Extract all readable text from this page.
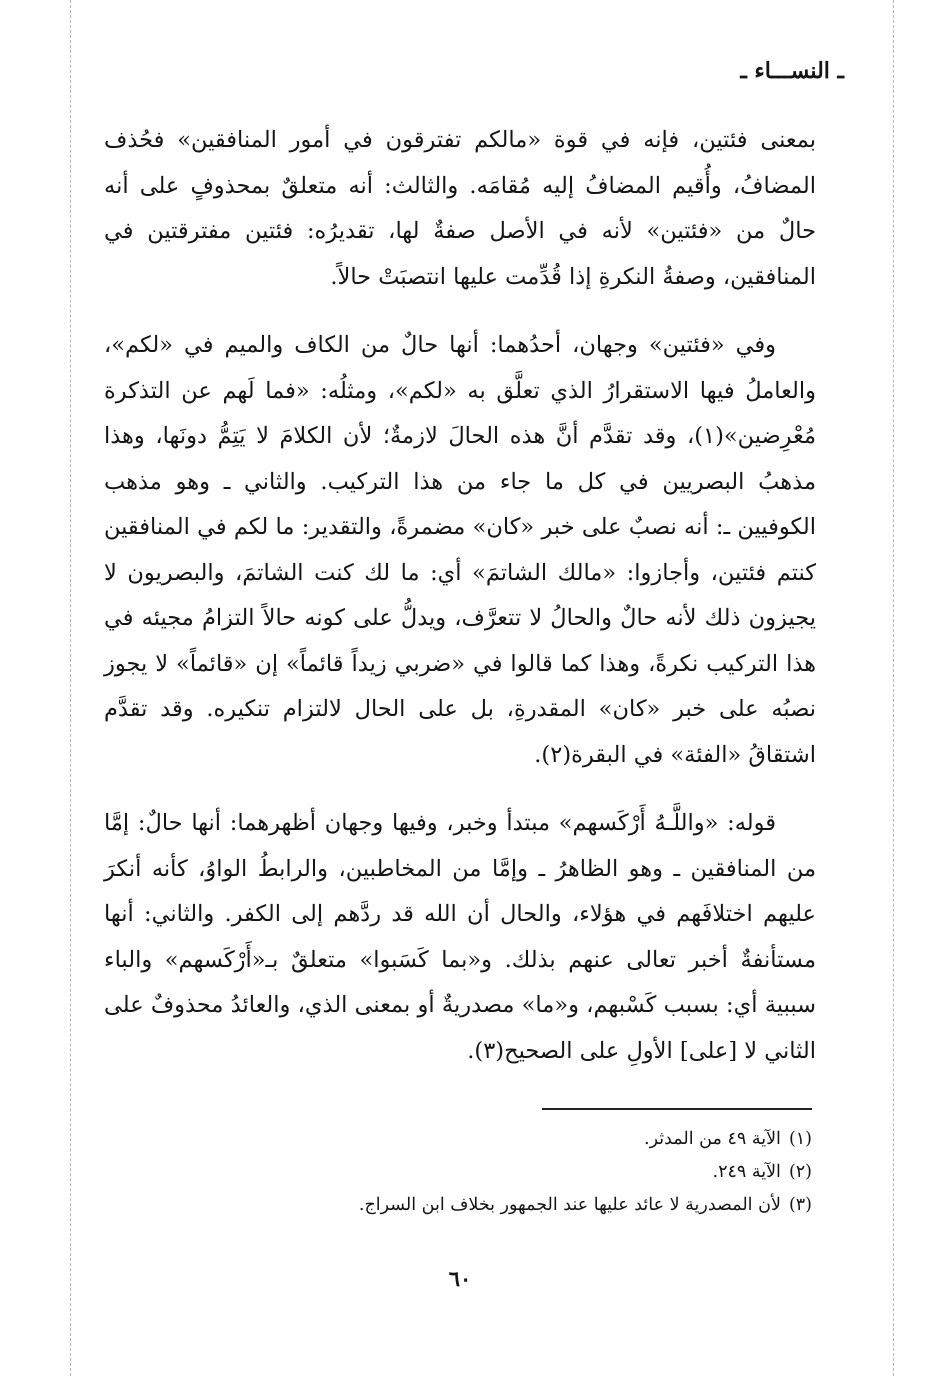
ـ النســـاء ـ

بمعنى فئتين، فإنه في قوة «مالكم تفترقون في أمور المنافقين» فحُذف المضافُ، وأُقيم المضافُ إليه مُقامَه. والثالث: أنه متعلقٌ بمحذوفٍ على أنه حالٌ من «فئتين» لأنه في الأصل صفةٌ لها، تقديرُه: فئتين مفترقتين في المنافقين، وصفةُ النكرةِ إذا قُدِّمت عليها انتصبَتْ حالاً.

وفي «فئتين» وجهان، أحدُهما: أنها حالٌ من الكاف والميم في «لكم»، والعاملُ فيها الاستقرارُ الذي تعلَّق به «لكم»، ومثلُه: «فما لَهم عن التذكرة مُعْرِضين»(١)، وقد تقدَّم أنَّ هذه الحالَ لازمةٌ؛ لأن الكلامَ لا يَتِمُّ دونَها، وهذا مذهبُ البصريين في كل ما جاء من هذا التركيب. والثاني ـ وهو مذهب الكوفيين ـ: أنه نصبٌ على خبر «كان» مضمرةً، والتقدير: ما لكم في المنافقين كنتم فئتين، وأجازوا: «مالك الشاتمَ» أي: ما لك كنت الشاتمَ، والبصريون لا يجيزون ذلك لأنه حالٌ والحالُ لا تتعرَّف، ويدلُّ على كونه حالاً التزامُ مجيئه في هذا التركيب نكرةً، وهذا كما قالوا في «ضربي زيداً قائماً» إن «قائماً» لا يجوز نصبُه على خبر «كان» المقدرةِ، بل على الحال لالتزام تنكيره. وقد تقدَّم اشتقاقُ «الفئة» في البقرة(٢).

قوله: «واللَّـهُ أَرْكَسهم» مبتدأ وخبر، وفيها وجهان أظهرهما: أنها حالٌ: إمَّا من المنافقين ـ وهو الظاهرُ ـ وإمَّا من المخاطبين، والرابطُ الواوُ، كأنه أنكرَ عليهم اختلافَهم في هؤلاء، والحال أن الله قد ردَّهم إلى الكفر. والثاني: أنها مستأنفةٌ أخبر تعالى عنهم بذلك. و«بما كَسَبوا» متعلقٌ بـ«أَرْكَسهم» والباء سببية أي: بسبب كَسْبهم، و«ما» مصدريةٌ أو بمعنى الذي، والعائدُ محذوفٌ على الثاني لا [على] الأولِ على الصحيح(٣).

(١)الآية ٤٩ من المدثر.
(٢)الآية ٢٤٩.
(٣)لأن المصدرية لا عائد عليها عند الجمهور بخلاف ابن السراج.
٦٠
